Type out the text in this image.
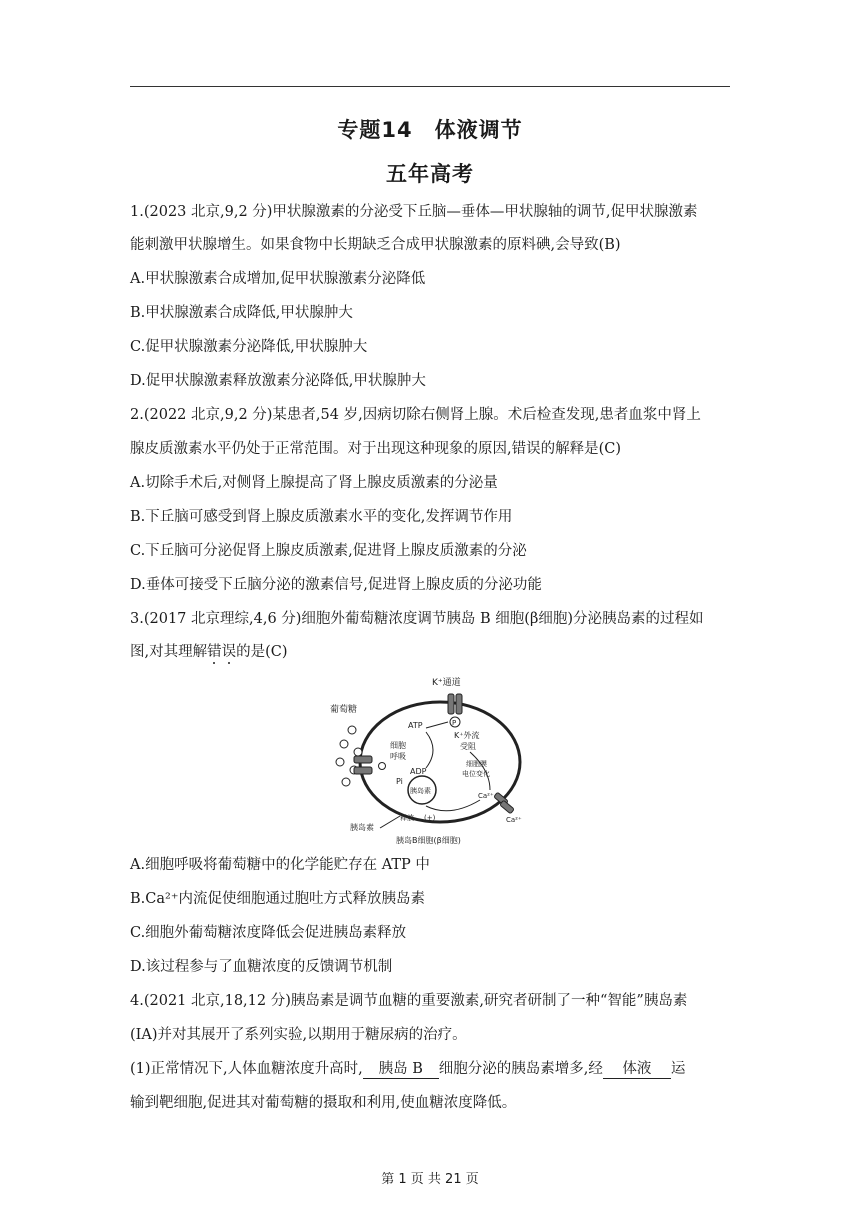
专题14　体液调节
五年高考
1.(2023 北京,9,2 分)甲状腺激素的分泌受下丘脑—垂体—甲状腺轴的调节,促甲状腺激素
能刺激甲状腺增生。如果食物中长期缺乏合成甲状腺激素的原料碘,会导致(B)
A.甲状腺激素合成增加,促甲状腺激素分泌降低
B.甲状腺激素合成降低,甲状腺肿大
C.促甲状腺激素分泌降低,甲状腺肿大
D.促甲状腺激素释放激素分泌降低,甲状腺肿大
2.(2022 北京,9,2 分)某患者,54 岁,因病切除右侧肾上腺。术后检查发现,患者血浆中肾上
腺皮质激素水平仍处于正常范围。对于出现这种现象的原因,错误的解释是(C)
A.切除手术后,对侧肾上腺提高了肾上腺皮质激素的分泌量
B.下丘脑可感受到肾上腺皮质激素水平的变化,发挥调节作用
C.下丘脑可分泌促肾上腺皮质激素,促进肾上腺皮质激素的分泌
D.垂体可接受下丘脑分泌的激素信号,促进肾上腺皮质的分泌功能
3.(2017 北京理综,4,6 分)细胞外葡萄糖浓度调节胰岛 B 细胞(β细胞)分泌胰岛素的过程如
图,对其理解错误的是(C)
K⁺通道
P
葡萄糖
ATP
细胞
呼吸
ADP
Pi
K⁺外流
受阻
细胞膜
电位变化
Ca²⁺
Ca²⁺
胰岛素
释放 (+)
胰岛素
胰岛B细胞(β细胞)
A.细胞呼吸将葡萄糖中的化学能贮存在 ATP 中
B.Ca²⁺内流促使细胞通过胞吐方式释放胰岛素
C.细胞外葡萄糖浓度降低会促进胰岛素释放
D.该过程参与了血糖浓度的反馈调节机制
4.(2021 北京,18,12 分)胰岛素是调节血糖的重要激素,研究者研制了一种“智能”胰岛素
(IA)并对其展开了系列实验,以期用于糖尿病的治疗。
(1)正常情况下,人体血糖浓度升高时, 胰岛 B 细胞分泌的胰岛素增多,经 体液 运
输到靶细胞,促进其对葡萄糖的摄取和利用,使血糖浓度降低。
第 1 页 共 21 页
